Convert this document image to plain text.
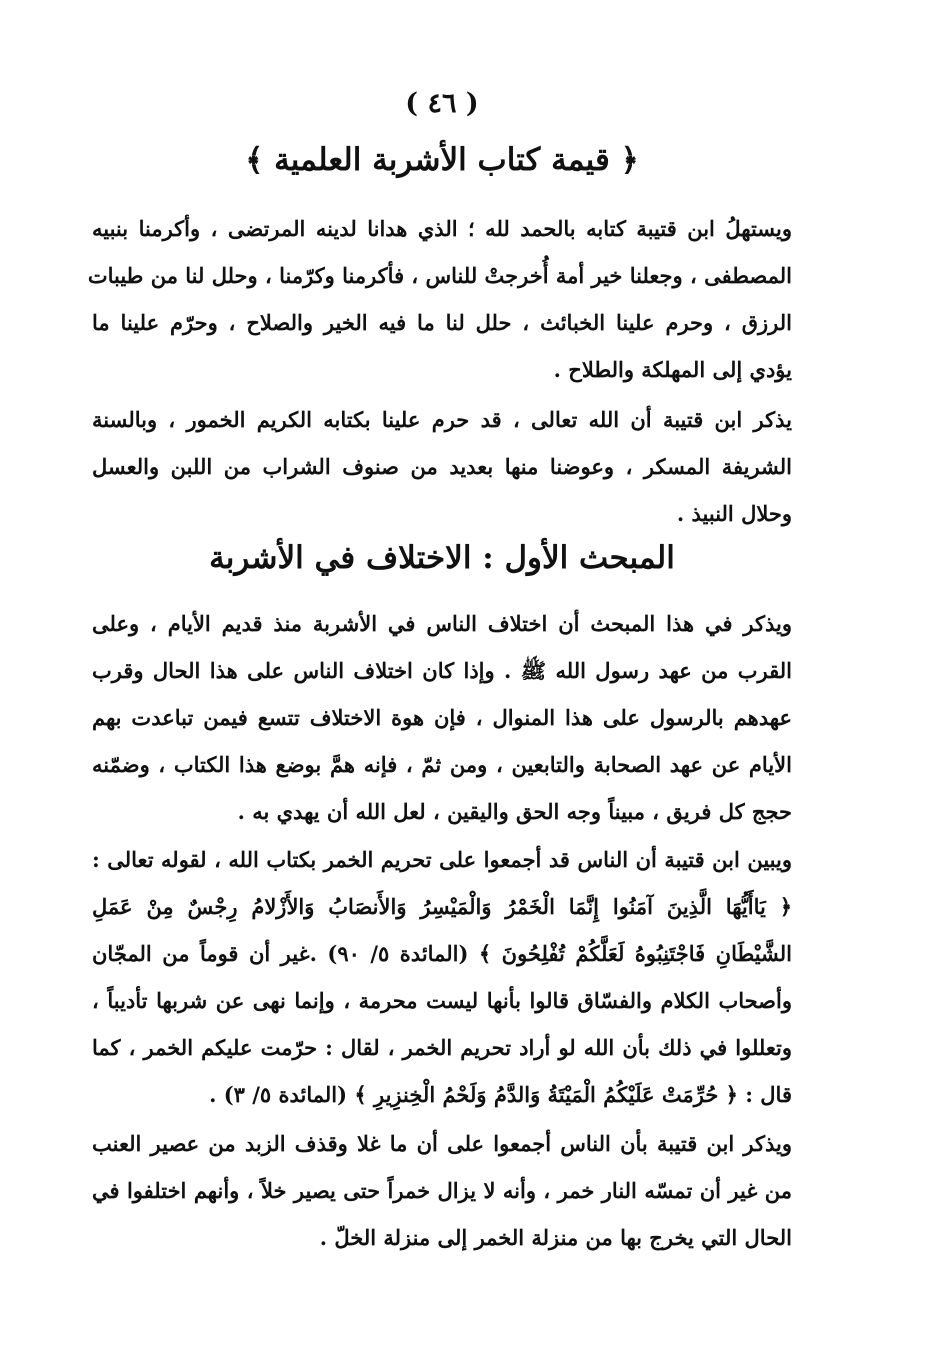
( ٤٦ )
﴿ قيمة كتاب الأشربة العلمية ﴾
ويستهلُ ابن قتيبة كتابه بالحمد لله ؛ الذي هدانا لدينه المرتضى ، وأكرمنا بنبيه
المصطفى ، وجعلنا خير أمة أُخرجتْ للناس ، فأكرمنا وكرّمنا ، وحلل لنا من طيبات
الرزق ، وحرم علينا الخبائث ، حلل لنا ما فيه الخير والصلاح ، وحرّم علينا ما
يؤدي إلى المهلكة والطلاح .
يذكر ابن قتيبة أن الله تعالى ، قد حرم علينا بكتابه الكريم الخمور ، وبالسنة
الشريفة المسكر ، وعوضنا منها بعديد من صنوف الشراب من اللبن والعسل
وحلال النبيذ .
المبحث الأول : الاختلاف في الأشربة
ويذكر في هذا المبحث أن اختلاف الناس في الأشربة منذ قديم الأيام ، وعلى
القرب من عهد رسول الله ﷺ . وإذا كان اختلاف الناس على هذا الحال وقرب
عهدهم بالرسول على هذا المنوال ، فإن هوة الاختلاف تتسع فيمن تباعدت بهم
الأيام عن عهد الصحابة والتابعين ، ومن ثمّ ، فإنه همَّ بوضع هذا الكتاب ، وضمّنه
حجج كل فريق ، مبيناً وجه الحق واليقين ، لعل الله أن يهدي به .
ويبين ابن قتيبة أن الناس قد أجمعوا على تحريم الخمر بكتاب الله ، لقوله تعالى :
﴿ يَاأَيُّهَا الَّذِينَ آمَنُوا إِنَّمَا الْخَمْرُ وَالْمَيْسِرُ وَالأَنصَابُ وَالأَزْلامُ رِجْسٌ مِنْ عَمَلِ
الشَّيْطَانِ فَاجْتَنِبُوهُ لَعَلَّكُمْ تُفْلِحُونَ ﴾ (المائدة ٥/ ٩٠) .غير أن قوماً من المجّان
وأصحاب الكلام والفسّاق قالوا بأنها ليست محرمة ، وإنما نهى عن شربها تأديباً ،
وتعللوا في ذلك بأن الله لو أراد تحريم الخمر ، لقال : حرّمت عليكم الخمر ، كما
قال : ﴿ حُرِّمَتْ عَلَيْكُمُ الْمَيْتَةُ وَالدَّمُ وَلَحْمُ الْخِنزِيرِ ﴾ (المائدة ٥/ ٣) .
ويذكر ابن قتيبة بأن الناس أجمعوا على أن ما غلا وقذف الزبد من عصير العنب
من غير أن تمسّه النار خمر ، وأنه لا يزال خمراً حتى يصير خلاً ، وأنهم اختلفوا في
الحال التي يخرج بها من منزلة الخمر إلى منزلة الخلّ .
